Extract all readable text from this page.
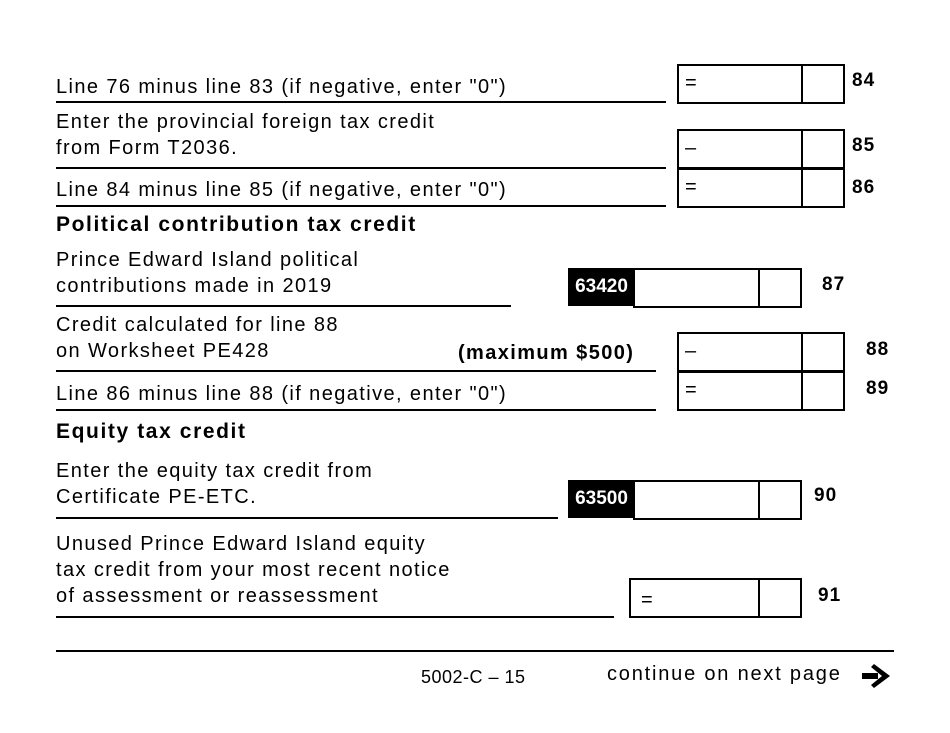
Line 76 minus line 83 (if negative, enter "0")	=	84
Enter the provincial foreign tax credit
from Form T2036.	–	85
Line 84 minus line 85 (if negative, enter "0")	=	86
Political contribution tax credit
Prince Edward Island political
contributions made in 2019	63420	87
Credit calculated for line 88
on Worksheet PE428	(maximum $500)	–	88
Line 86 minus line 88 (if negative, enter "0")	=	89
Equity tax credit
Enter the equity tax credit from
Certificate PE-ETC.	63500	90
Unused Prince Edward Island equity
tax credit from your most recent notice
of assessment or reassessment	=	91
5002-C – 15	continue on next page
